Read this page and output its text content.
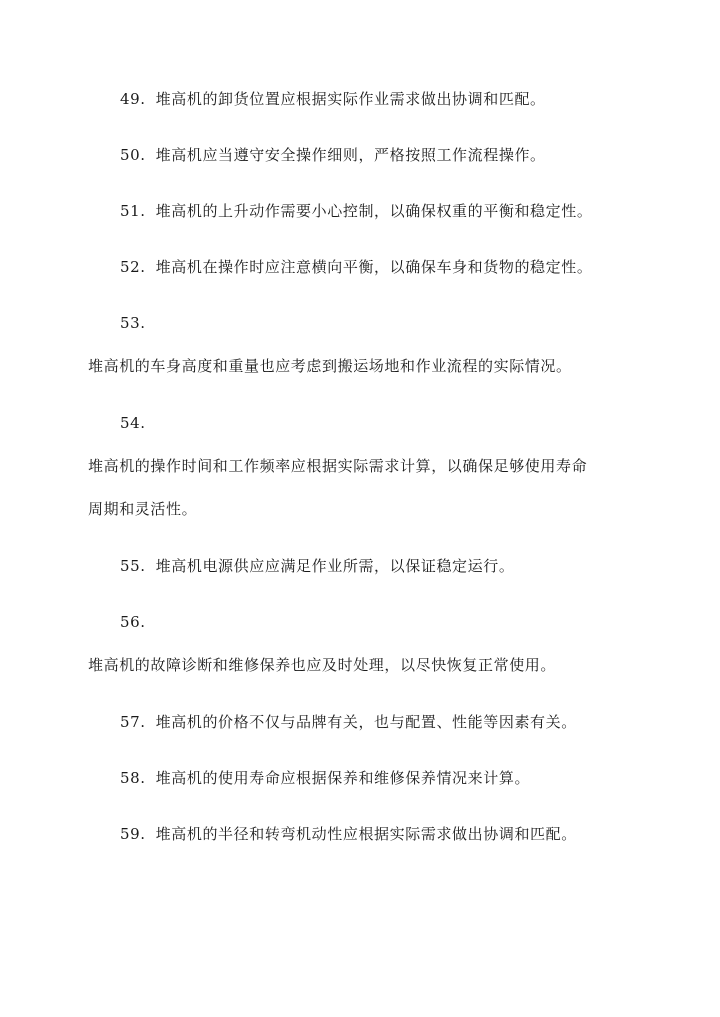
49. 堆高机的卸货位置应根据实际作业需求做出协调和匹配。
50. 堆高机应当遵守安全操作细则，严格按照工作流程操作。
51. 堆高机的上升动作需要小心控制，以确保权重的平衡和稳定性。
52. 堆高机在操作时应注意横向平衡，以确保车身和货物的稳定性。
53.
堆高机的车身高度和重量也应考虑到搬运场地和作业流程的实际情况。
54.
堆高机的操作时间和工作频率应根据实际需求计算，以确保足够使用寿命
周期和灵活性。
55. 堆高机电源供应应满足作业所需，以保证稳定运行。
56.
堆高机的故障诊断和维修保养也应及时处理，以尽快恢复正常使用。
57. 堆高机的价格不仅与品牌有关，也与配置、性能等因素有关。
58. 堆高机的使用寿命应根据保养和维修保养情况来计算。
59. 堆高机的半径和转弯机动性应根据实际需求做出协调和匹配。
